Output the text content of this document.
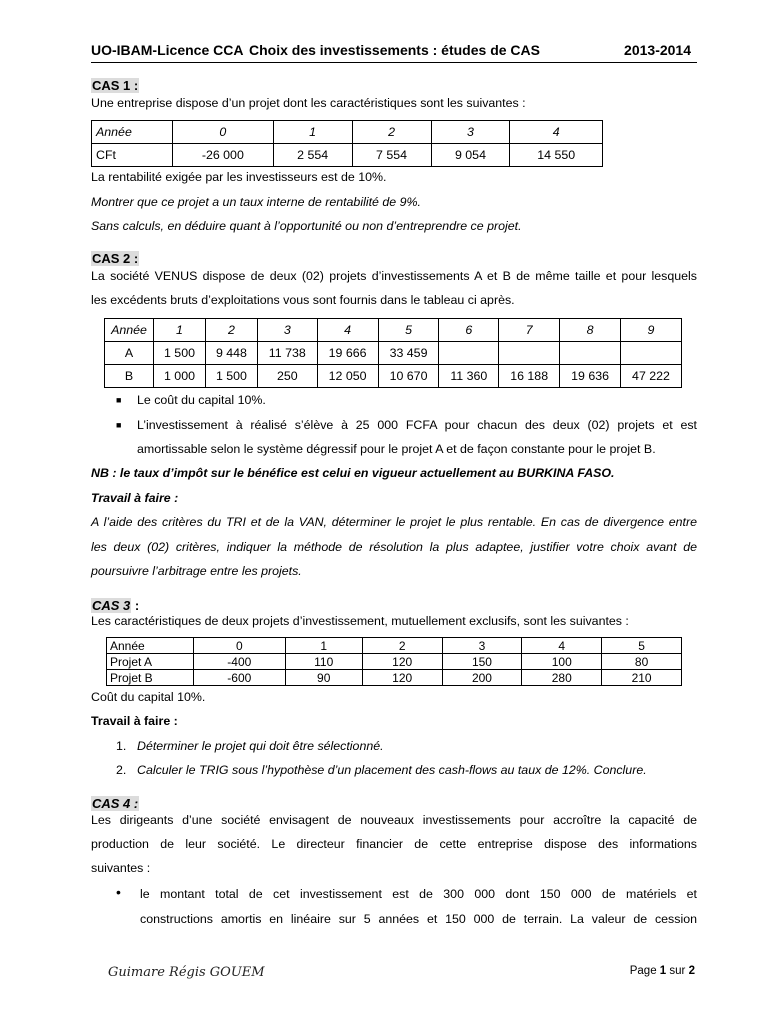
UO-IBAM-Licence CCA Choix des investissements : études de CAS	2013-2014
CAS 1 :
Une entreprise dispose d’un projet dont les caractéristiques sont les suivantes :
Année	0	1	2	3	4
CFt	-26 000	2 554	7 554	9 054	14 550
La rentabilité exigée par les investisseurs est de 10%.
Montrer que ce projet a un taux interne de rentabilité de 9%.
Sans calculs, en déduire quant à l’opportunité ou non d’entreprendre ce projet.
CAS 2 :
La société VENUS dispose de deux (02) projets d’investissements A et B de même taille et pour lesquels
les excédents bruts d’exploitations vous sont fournis dans le tableau ci après.
Année	1	2	3	4	5	6	7	8	9
A	1 500	9 448	11 738	19 666	33 459				
B	1 000	1 500	250	12 050	10 670	11 360	16 188	19 636	47 222
■ Le coût du capital 10%.
■ L’investissement à réalisé s’élève à 25 000 FCFA pour chacun des deux (02) projets et est
amortissable selon le système dégressif pour le projet A et de façon constante pour le projet B.
NB : le taux d’impôt sur le bénéfice est celui en vigueur actuellement au BURKINA FASO.
Travail à faire :
A l’aide des critères du TRI et de la VAN, déterminer le projet le plus rentable. En cas de divergence entre
les deux (02) critères, indiquer la méthode de résolution la plus adaptee, justifier votre choix avant de
poursuivre l’arbitrage entre les projets.
CAS 3 :
Les caractéristiques de deux projets d’investissement, mutuellement exclusifs, sont les suivantes :
Année	0	1	2	3	4	5
Projet A	-400	110	120	150	100	80
Projet B	-600	90	120	200	280	210
Coût du capital 10%.
Travail à faire :
1. Déterminer le projet qui doit être sélectionné.
2. Calculer le TRIG sous l’hypothèse d’un placement des cash-flows au taux de 12%. Conclure.
CAS 4 :
Les dirigeants d’une société envisagent de nouveaux investissements pour accroître la capacité de
production de leur société. Le directeur financier de cette entreprise dispose des informations
suivantes :
• le montant total de cet investissement est de 300 000 dont 150 000 de matériels et
constructions amortis en linéaire sur 5 années et 150 000 de terrain. La valeur de cession
Guimare Régis GOUEM	Page 1 sur 2
